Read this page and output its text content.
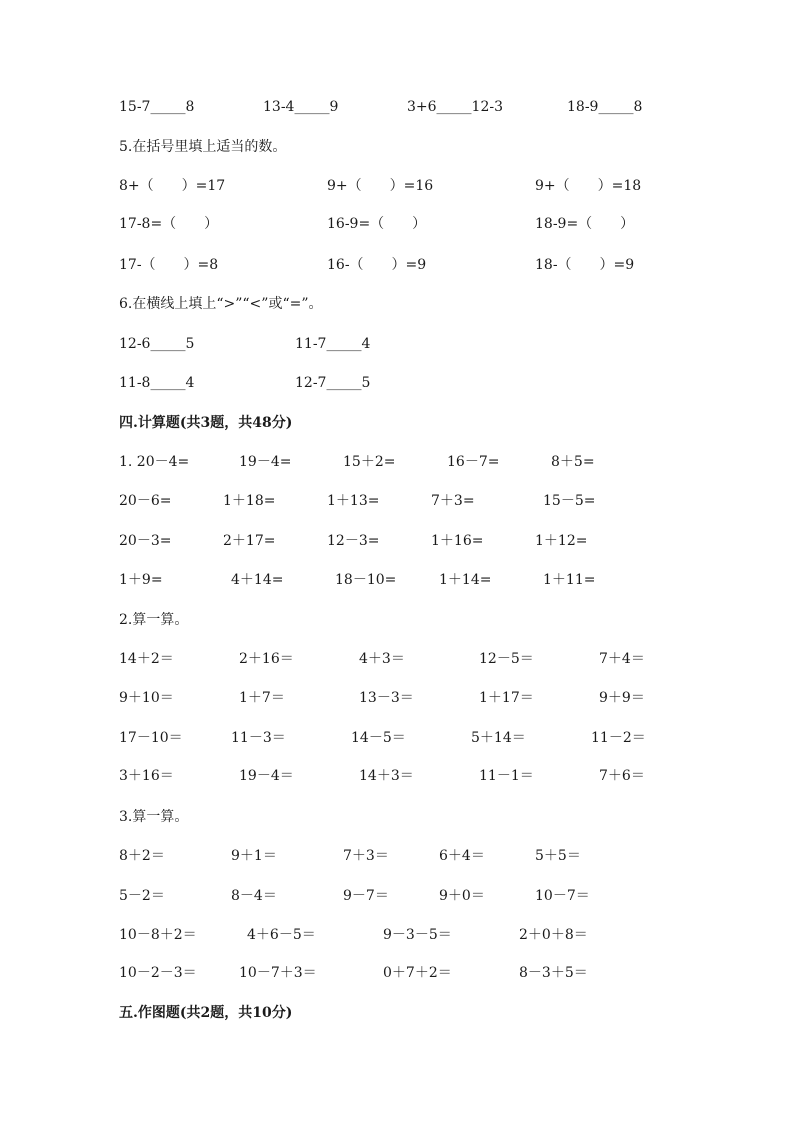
15-7_____8	13-4_____9	3+6_____12-3	18-9_____8
5.在括号里填上适当的数。
8+（　　）=17	9+（　　）=16	9+（　　）=18
17-8=（　　）	16-9=（　　）	18-9=（　　）
17-（　　）=8	16-（　　）=9	18-（　　）=9
6.在横线上填上“>”“<”或“=”。
12-6_____5	11-7_____4
11-8_____4	12-7_____5
四.计算题(共3题，共48分)
1. 20－4=	19－4=	15＋2=	16－7=	8＋5=
20－6=	1＋18=	1＋13=	7＋3=	15－5=
20－3=	2＋17=	12－3=	1＋16=	1＋12=
1＋9=	4＋14=	18－10=	1＋14=	1＋11=
2.算一算。
14＋2＝	2＋16＝	4＋3＝	12－5＝	7＋4＝
9＋10＝	1＋7＝	13－3＝	1＋17＝	9＋9＝
17－10＝	11－3＝	14－5＝	5＋14＝	11－2＝
3＋16＝	19－4＝	14＋3＝	11－1＝	7＋6＝
3.算一算。
8＋2＝	9＋1＝	7＋3＝	6＋4＝	5＋5＝
5－2＝	8－4＝	9－7＝	9＋0＝	10－7＝
10－8＋2＝	4＋6－5＝	9－3－5＝	2＋0＋8＝
10－2－3＝	10－7＋3＝	0＋7＋2＝	8－3＋5＝
五.作图题(共2题，共10分)
